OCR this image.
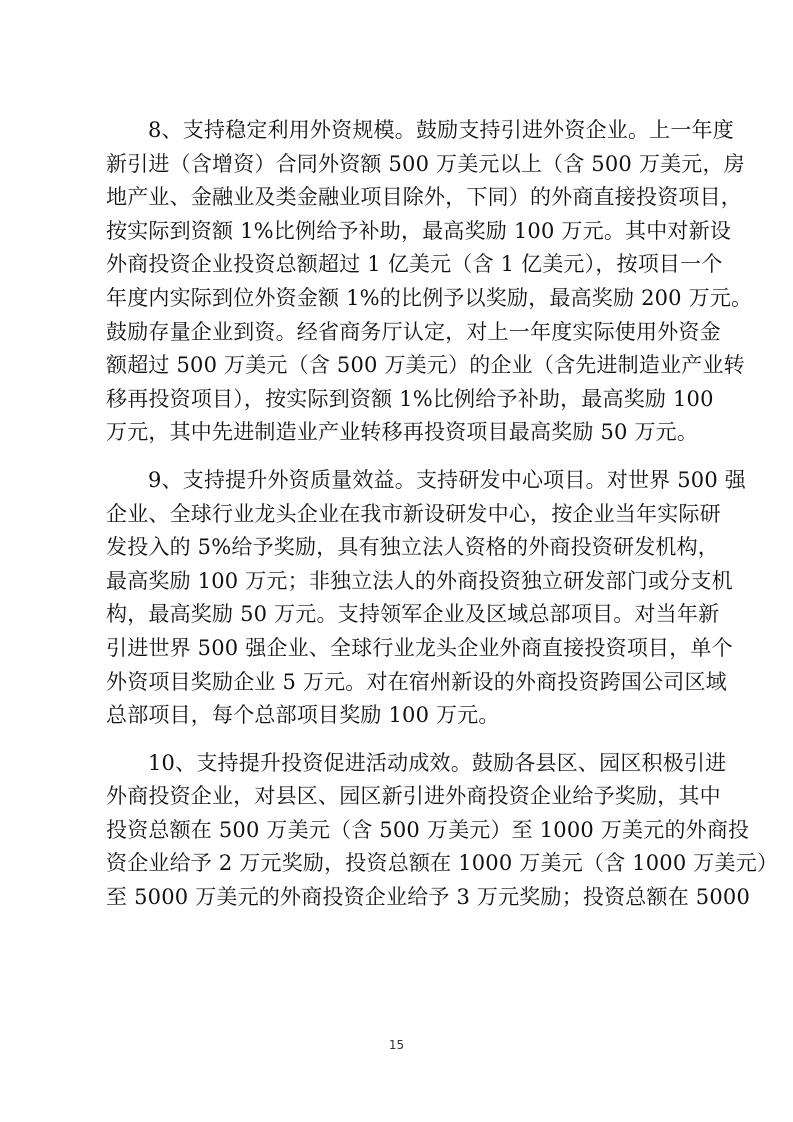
8、支持稳定利用外资规模。鼓励支持引进外资企业。上一年度
新引进（含增资）合同外资额 500 万美元以上（含 500 万美元，房
地产业、金融业及类金融业项目除外，下同）的外商直接投资项目，
按实际到资额 1%比例给予补助，最高奖励 100 万元。其中对新设
外商投资企业投资总额超过 1 亿美元（含 1 亿美元），按项目一个
年度内实际到位外资金额 1%的比例予以奖励，最高奖励 200 万元。
鼓励存量企业到资。经省商务厅认定，对上一年度实际使用外资金
额超过 500 万美元（含 500 万美元）的企业（含先进制造业产业转
移再投资项目），按实际到资额 1%比例给予补助，最高奖励 100
万元，其中先进制造业产业转移再投资项目最高奖励 50 万元。
9、支持提升外资质量效益。支持研发中心项目。对世界 500 强
企业、全球行业龙头企业在我市新设研发中心，按企业当年实际研
发投入的 5%给予奖励，具有独立法人资格的外商投资研发机构，
最高奖励 100 万元；非独立法人的外商投资独立研发部门或分支机
构，最高奖励 50 万元。支持领军企业及区域总部项目。对当年新
引进世界 500 强企业、全球行业龙头企业外商直接投资项目，单个
外资项目奖励企业 5 万元。对在宿州新设的外商投资跨国公司区域
总部项目，每个总部项目奖励 100 万元。
10、支持提升投资促进活动成效。鼓励各县区、园区积极引进
外商投资企业，对县区、园区新引进外商投资企业给予奖励，其中
投资总额在 500 万美元（含 500 万美元）至 1000 万美元的外商投
资企业给予 2 万元奖励，投资总额在 1000 万美元（含 1000 万美元）
至 5000 万美元的外商投资企业给予 3 万元奖励；投资总额在 5000
15
